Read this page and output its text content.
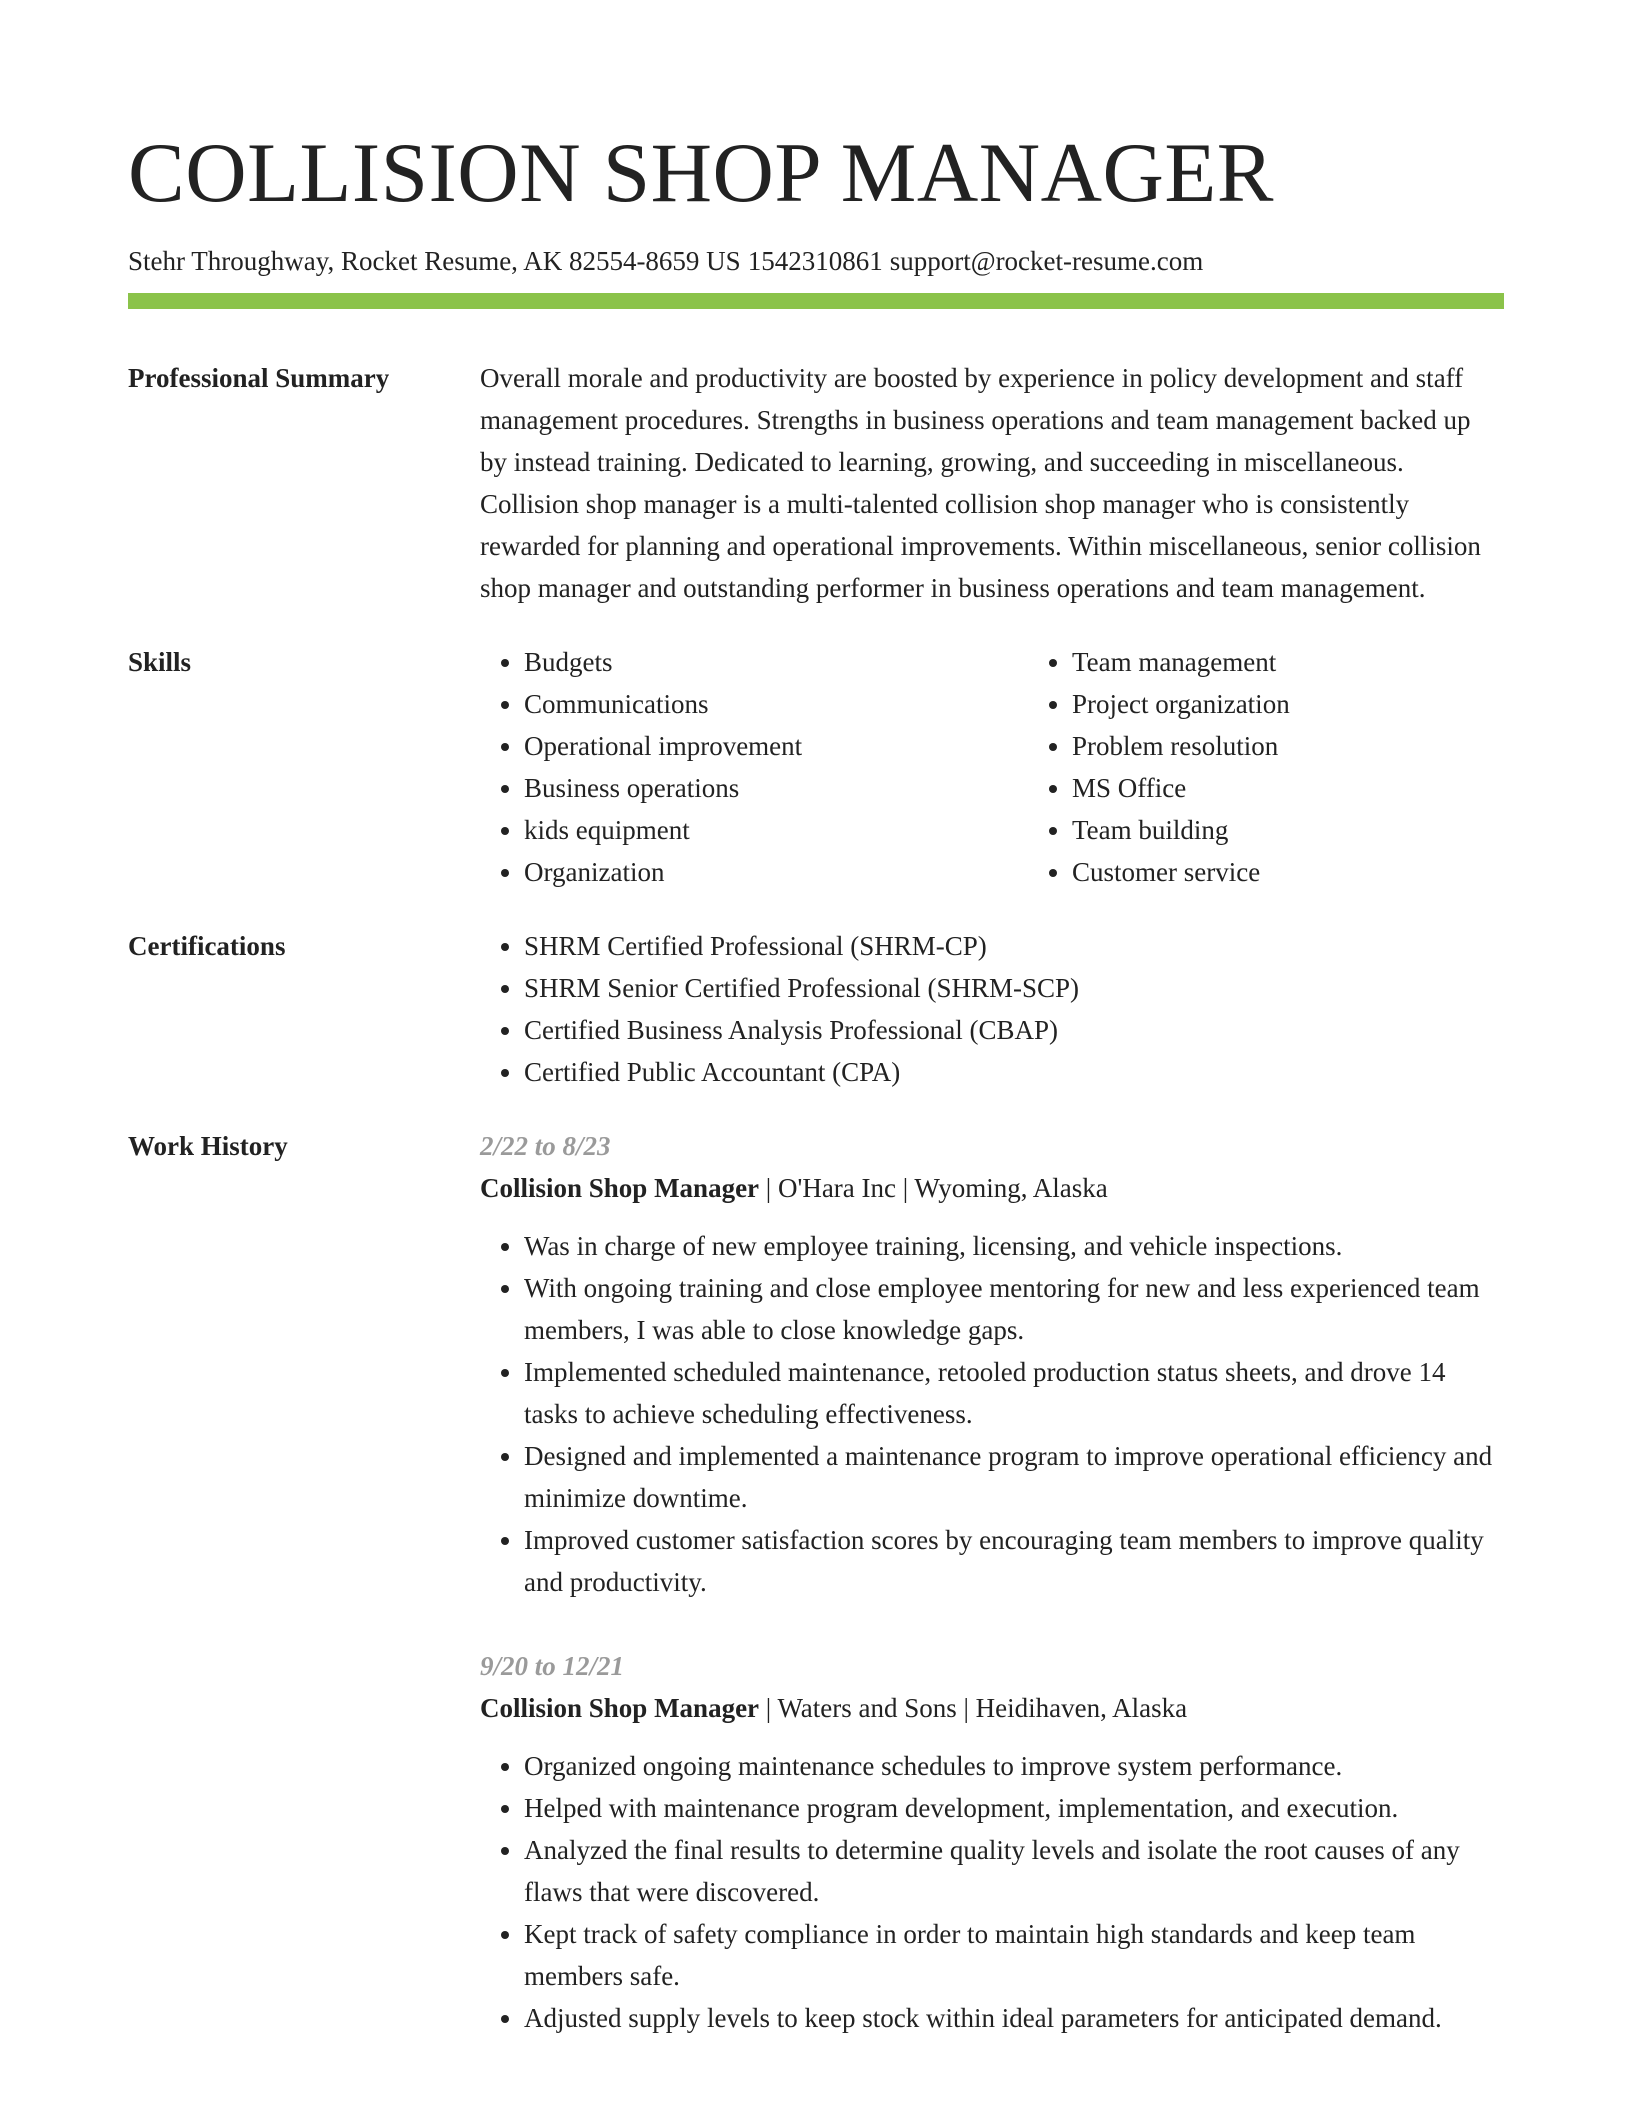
COLLISION SHOP MANAGER
Stehr Throughway, Rocket Resume, AK 82554-8659 US 1542310861 support@rocket-resume.com
Professional Summary	Overall morale and productivity are boosted by experience in policy development and staff management procedures. Strengths in business operations and team management backed up by instead training. Dedicated to learning, growing, and succeeding in miscellaneous. Collision shop manager is a multi-talented collision shop manager who is consistently rewarded for planning and operational improvements. Within miscellaneous, senior collision shop manager and outstanding performer in business operations and team management.

Skills	• Budgets
• Communications
• Operational improvement
• Business operations
• kids equipment
• Organization
• Team management
• Project organization
• Problem resolution
• MS Office
• Team building
• Customer service
Certifications	• SHRM Certified Professional (SHRM-CP)
• SHRM Senior Certified Professional (SHRM-SCP)
• Certified Business Analysis Professional (CBAP)
• Certified Public Accountant (CPA)
Work History	2/22 to 8/23
Collision Shop Manager | O'Hara Inc | Wyoming, Alaska
• Was in charge of new employee training, licensing, and vehicle inspections.
• With ongoing training and close employee mentoring for new and less experienced team members, I was able to close knowledge gaps.
• Implemented scheduled maintenance, retooled production status sheets, and drove 14 tasks to achieve scheduling effectiveness.
• Designed and implemented a maintenance program to improve operational efficiency and minimize downtime.
• Improved customer satisfaction scores by encouraging team members to improve quality and productivity.
9/20 to 12/21
Collision Shop Manager | Waters and Sons | Heidihaven, Alaska
• Organized ongoing maintenance schedules to improve system performance.
• Helped with maintenance program development, implementation, and execution.
• Analyzed the final results to determine quality levels and isolate the root causes of any flaws that were discovered.
• Kept track of safety compliance in order to maintain high standards and keep team members safe.
• Adjusted supply levels to keep stock within ideal parameters for anticipated demand.
